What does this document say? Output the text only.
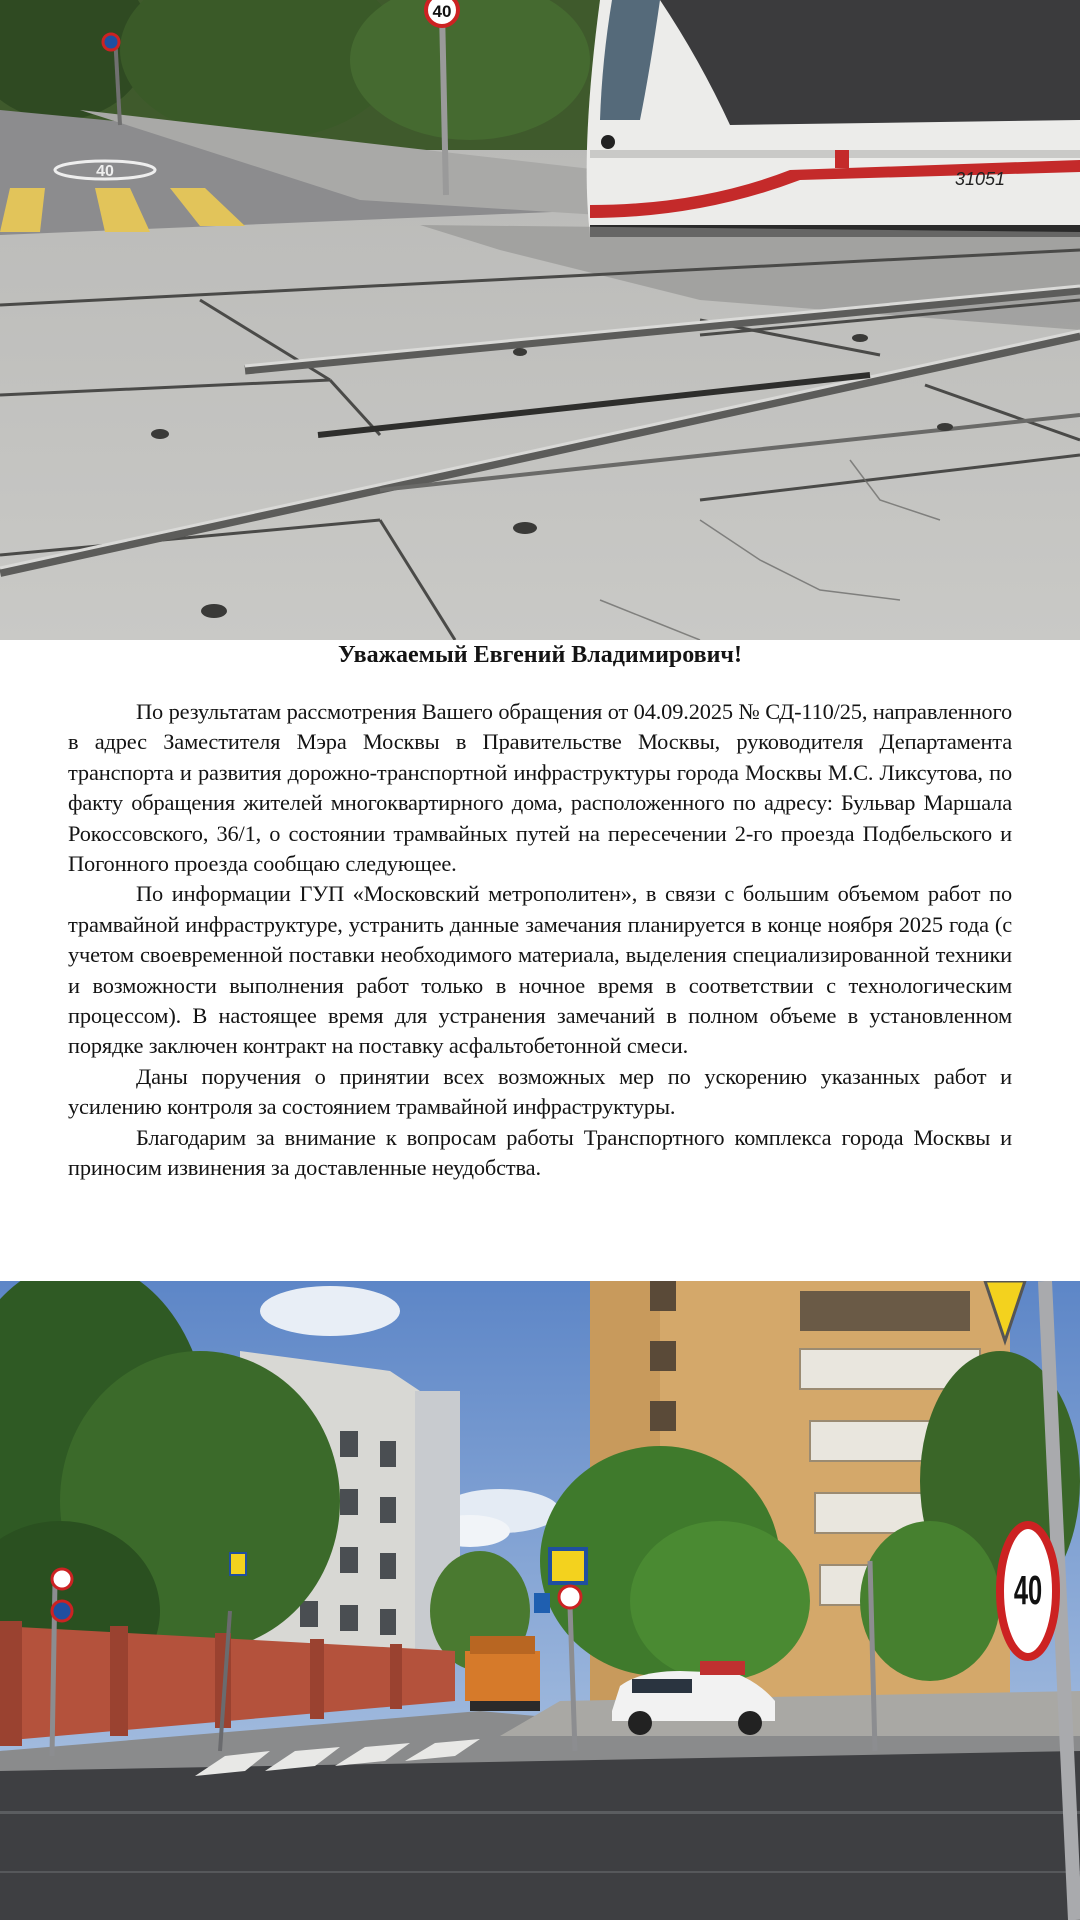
40
40
31051
Уважаемый Евгений Владимирович!

По результатам рассмотрения Вашего обращения от 04.09.2025 № СД-110/25, направленного в адрес Заместителя Мэра Москвы в Правительстве Москвы, руководителя Департамента транспорта и развития дорожно-транспортной инфраструктуры города Москвы М.С. Ликсутова, по факту обращения жителей многоквартирного дома, расположенного по адресу: Бульвар Маршала Рокоссовского, 36/1, о состоянии трамвайных путей на пересечении 2-го проезда Подбельского и Погонного проезда сообщаю следующее.

По информации ГУП «Московский метрополитен», в связи с большим объемом работ по трамвайной инфраструктуре, устранить данные замечания планируется в конце ноября 2025 года (с учетом своевременной поставки необходимого материала, выделения специализированной техники и возможности выполнения работ только в ночное время в соответствии с технологическим процессом). В настоящее время для устранения замечаний в полном объеме в установленном порядке заключен контракт на поставку асфальтобетонной смеси.

Даны поручения о принятии всех возможных мер по ускорению указанных работ и усилению контроля за состоянием трамвайной инфраструктуры.

Благодарим за внимание к вопросам работы Транспортного комплекса города Москвы и приносим извинения за доставленные неудобства.

40
